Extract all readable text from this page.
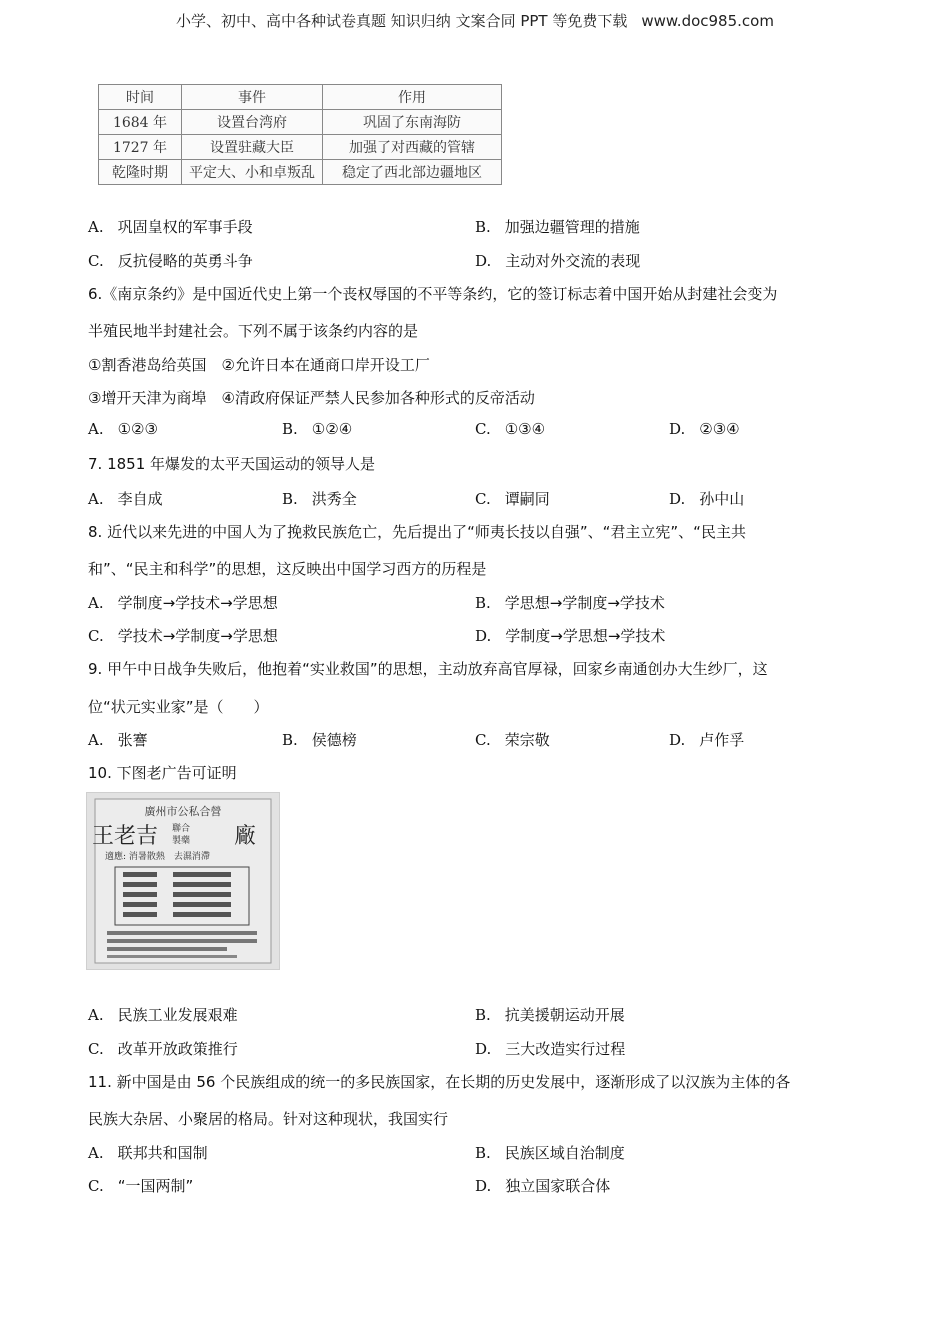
小学、初中、高中各种试卷真题 知识归纳 文案合同 PPT 等免费下载 www.doc985.com
时间	事件	作用
1684 年	设置台湾府	巩固了东南海防
1727 年	设置驻藏大臣	加强了对西藏的管辖
乾隆时期	平定大、小和卓叛乱	稳定了西北部边疆地区
A. 巩固皇权的军事手段	B. 加强边疆管理的措施
C. 反抗侵略的英勇斗争	D. 主动对外交流的表现
6.《南京条约》是中国近代史上第一个丧权辱国的不平等条约，它的签订标志着中国开始从封建社会变为
半殖民地半封建社会。下列不属于该条约内容的是
①割香港岛给英国　②允许日本在通商口岸开设工厂
③增开天津为商埠　④清政府保证严禁人民参加各种形式的反帝活动
A. ①②③	B. ①②④	C. ①③④	D. ②③④
7. 1851 年爆发的太平天国运动的领导人是
A. 李自成	B. 洪秀全	C. 谭嗣同	D. 孙中山
8. 近代以来先进的中国人为了挽救民族危亡，先后提出了“师夷长技以自强”、“君主立宪”、“民主共
和”、“民主和科学”的思想，这反映出中国学习西方的历程是
A. 学制度→学技术→学思想	B. 学思想→学制度→学技术
C. 学技术→学制度→学思想	D. 学制度→学思想→学技术
9. 甲午中日战争失败后，他抱着“实业救国”的思想，主动放弃高官厚禄，回家乡南通创办大生纱厂，这
位“状元实业家”是（　　）
A. 张謇	B. 侯德榜	C. 荣宗敬	D. 卢作孚
10. 下图老广告可证明
廣州市公私合營
王老吉 聯合
製藥 廠
適應: 消暑散熱　去濕消滯
A. 民族工业发展艰难	B. 抗美援朝运动开展
C. 改革开放政策推行	D. 三大改造实行过程
11. 新中国是由 56 个民族组成的统一的多民族国家，在长期的历史发展中，逐渐形成了以汉族为主体的各
民族大杂居、小聚居的格局。针对这种现状，我国实行
A. 联邦共和国制	B. 民族区域自治制度
C. “一国两制”	D. 独立国家联合体
